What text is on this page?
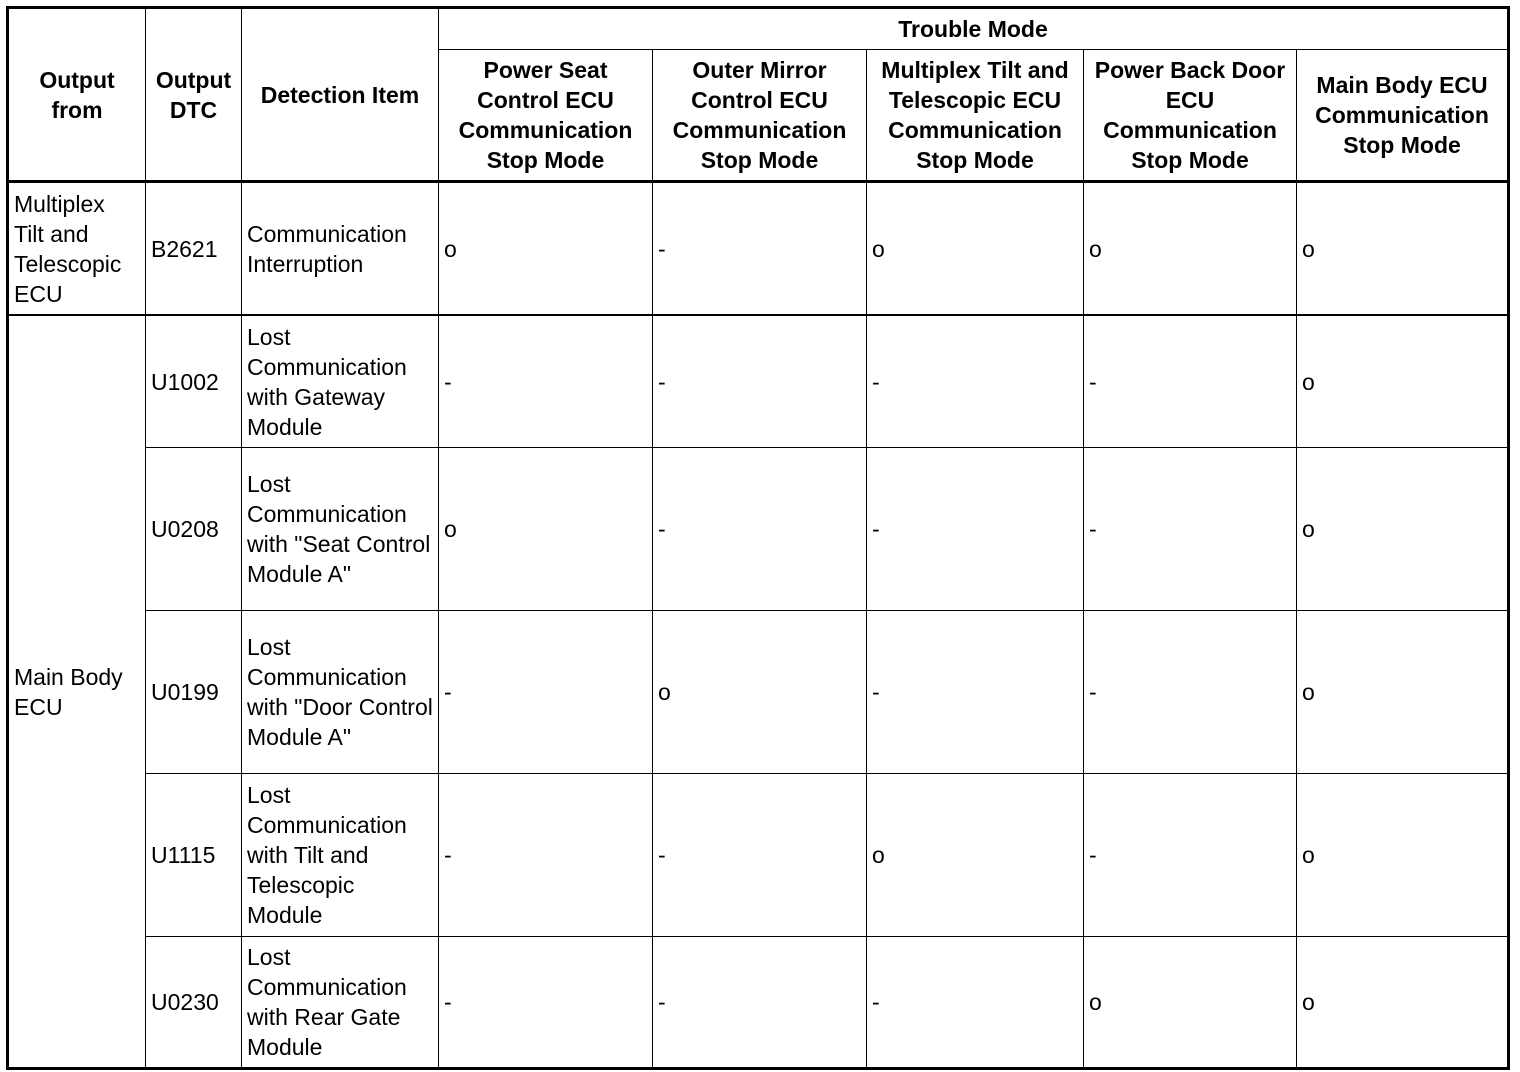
Output from	Output DTC	Detection Item	Trouble Mode				
			Power Seat Control ECU Communication Stop Mode	Outer Mirror Control ECU Communication Stop Mode	Multiplex Tilt and Telescopic ECU Communication Stop Mode	Power Back Door ECU Communication Stop Mode	Main Body ECU Communication Stop Mode
Multiplex Tilt and Telescopic ECU	B2621	Communication Interruption	o	-	o	o	o
Main Body ECU	U1002	Lost Communication with Gateway Module	-	-	-	-	o
	U0208	Lost Communication with "Seat Control Module A"	o	-	-	-	o
	U0199	Lost Communication with "Door Control Module A"	-	o	-	-	o
	U1115	Lost Communication with Tilt and Telescopic Module	-	-	o	-	o
	U0230	Lost Communication with Rear Gate Module	-	-	-	o	o
